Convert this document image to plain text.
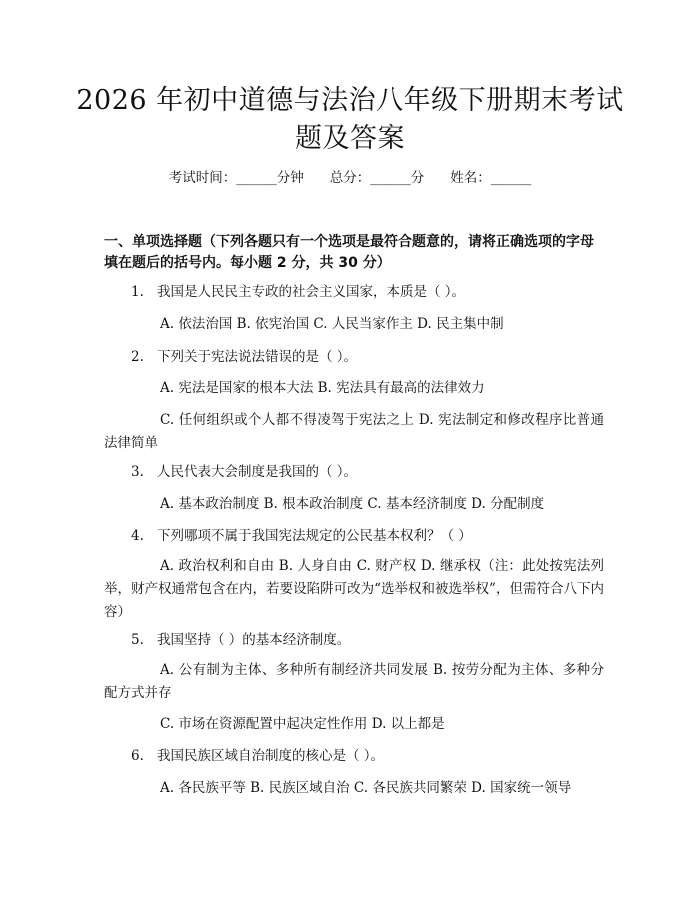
2026 年初中道德与法治八年级下册期末考试
题及答案
考试时间：______分钟 总分：______分 姓名：______
一、单项选择题（下列各题只有一个选项是最符合题意的，请将正确选项的字母
填在题后的括号内。每小题 2 分，共 30 分）
1. 我国是人民民主专政的社会主义国家，本质是（ ）。
A. 依法治国 B. 依宪治国 C. 人民当家作主 D. 民主集中制
2. 下列关于宪法说法错误的是（ ）。
A. 宪法是国家的根本大法 B. 宪法具有最高的法律效力
C. 任何组织或个人都不得凌驾于宪法之上 D. 宪法制定和修改程序比普通法律简单
3. 人民代表大会制度是我国的（ ）。
A. 基本政治制度 B. 根本政治制度 C. 基本经济制度 D. 分配制度
4. 下列哪项不属于我国宪法规定的公民基本权利？（ ）
A. 政治权利和自由 B. 人身自由 C. 财产权 D. 继承权（注：此处按宪法列举，财产权通常包含在内，若要设陷阱可改为“选举权和被选举权”，但需符合八下内容）
5. 我国坚持（ ）的基本经济制度。
A. 公有制为主体、多种所有制经济共同发展 B. 按劳分配为主体、多种分配方式并存
C. 市场在资源配置中起决定性作用 D. 以上都是
6. 我国民族区域自治制度的核心是（ ）。
A. 各民族平等 B. 民族区域自治 C. 各民族共同繁荣 D. 国家统一领导
